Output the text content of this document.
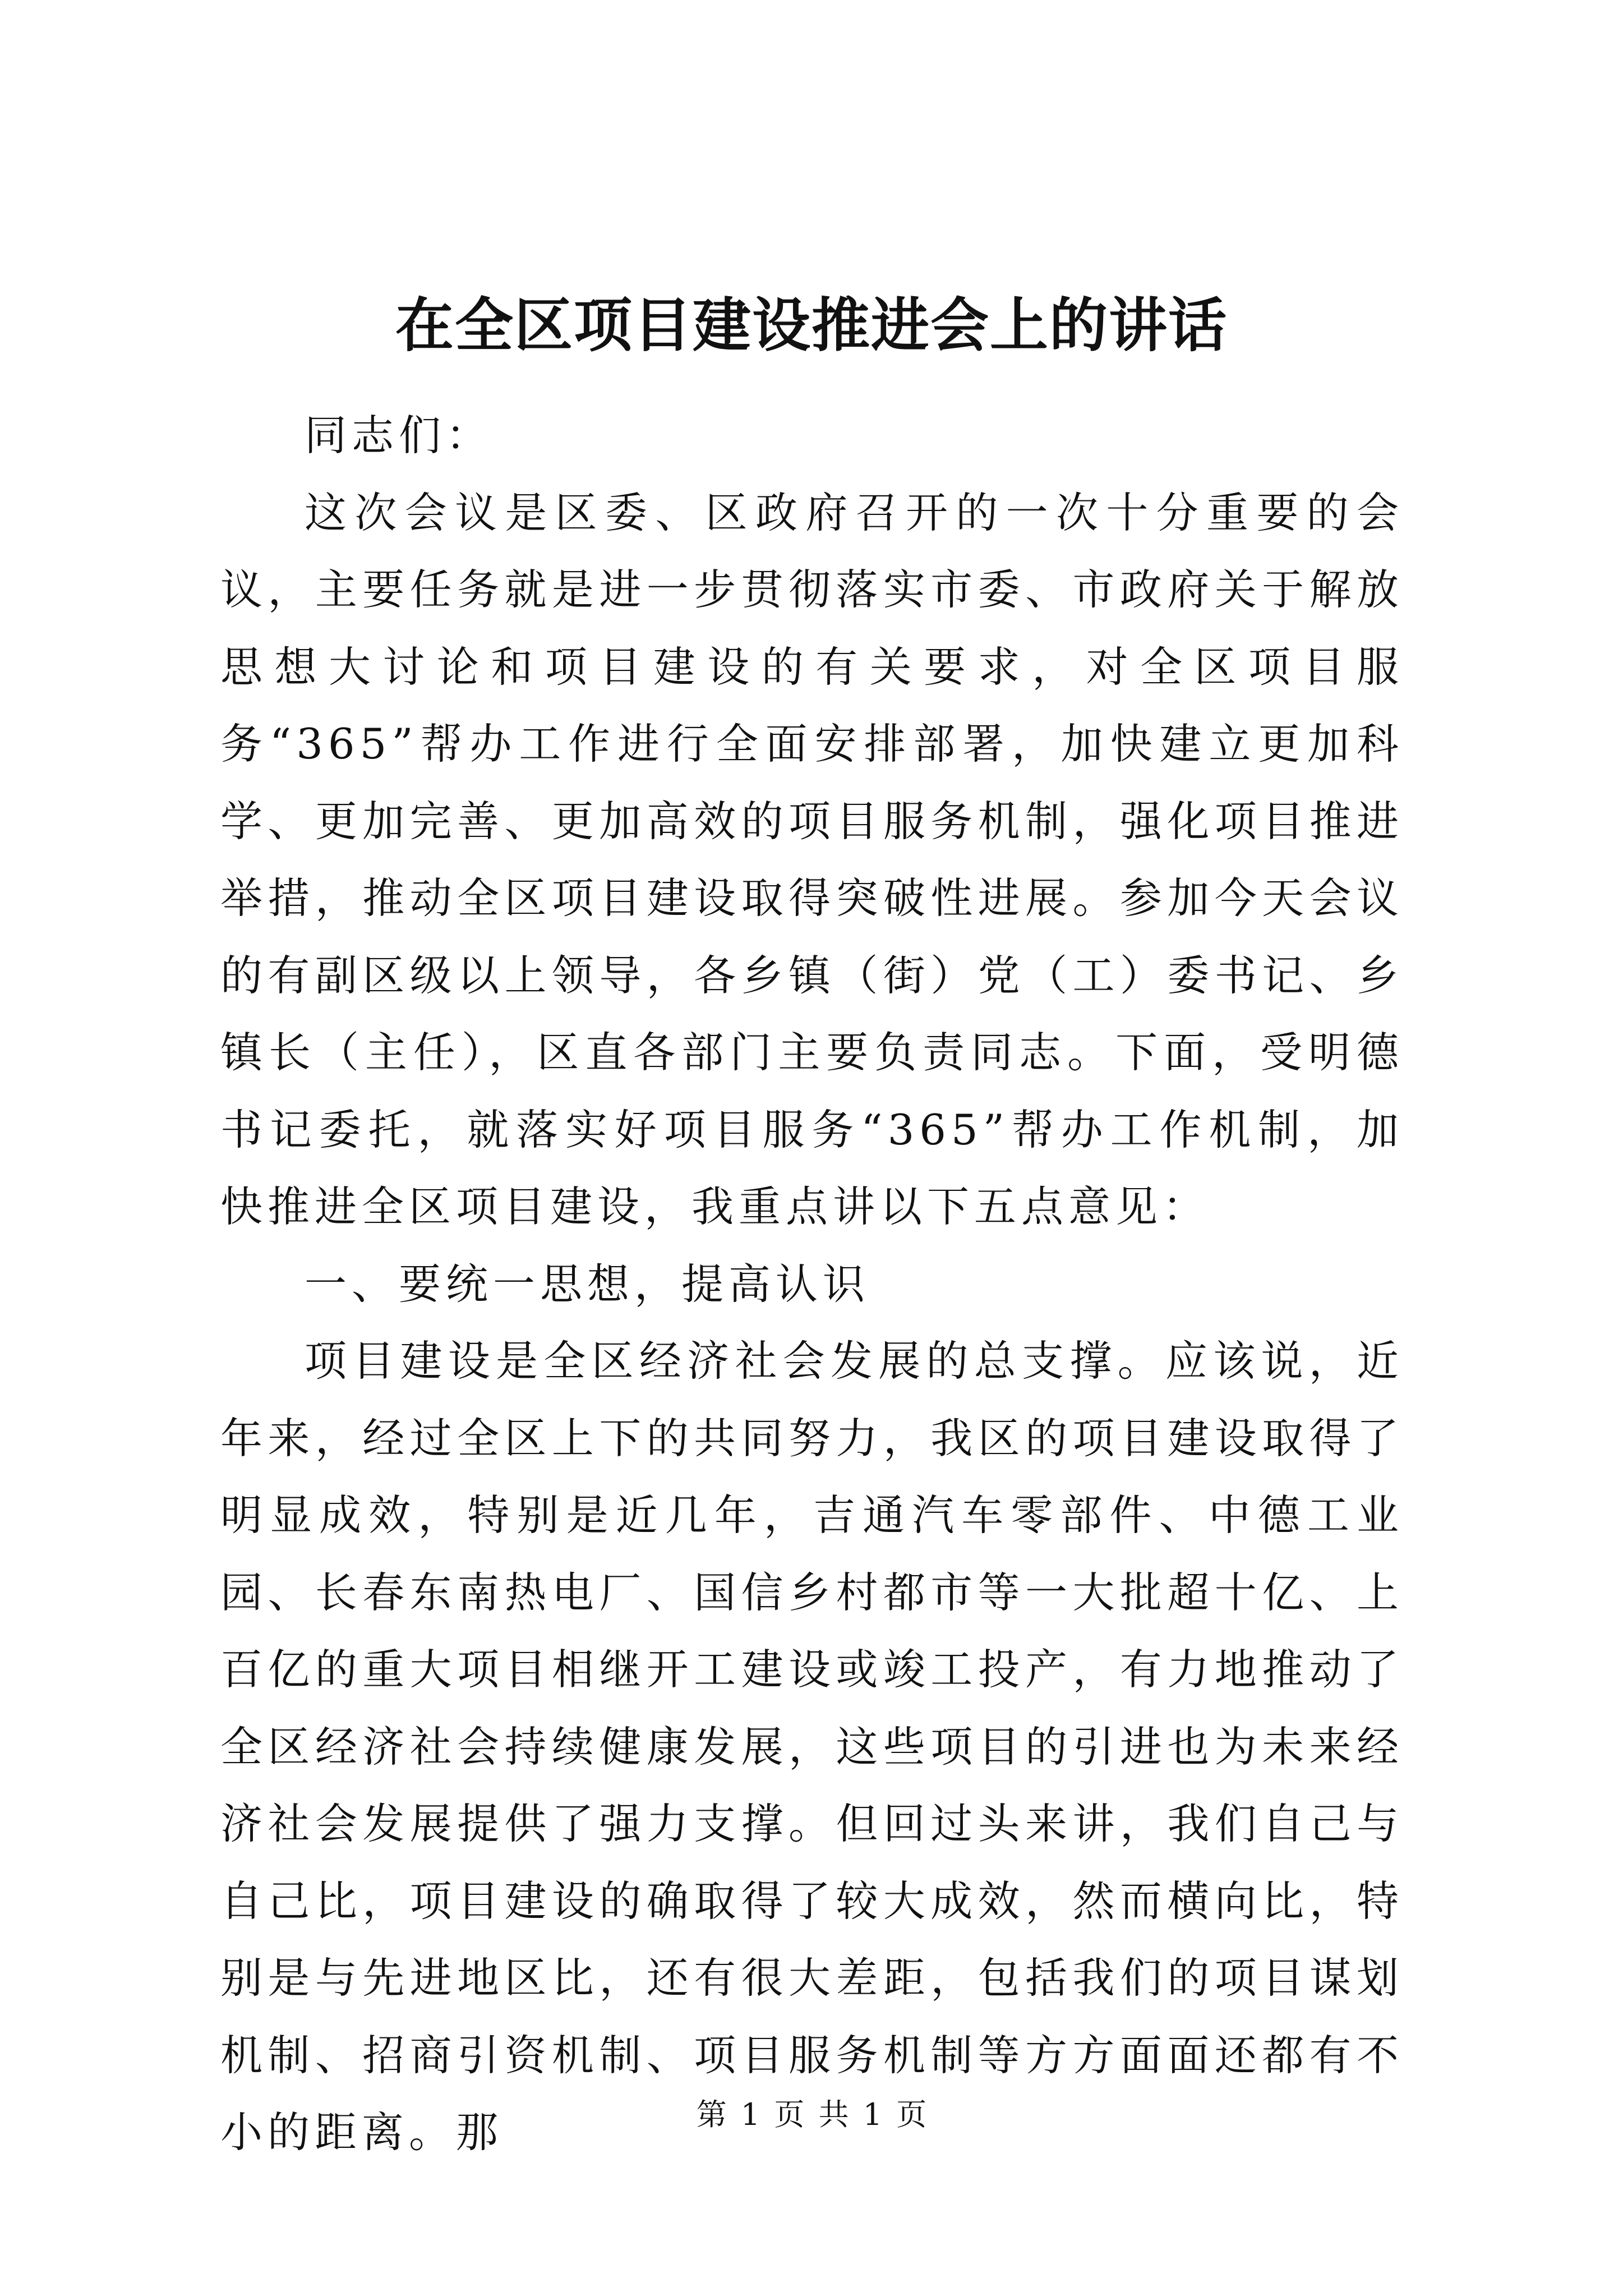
在全区项目建设推进会上的讲话

同志们：

这次会议是区委、区政府召开的一次十分重要的会议，主要任务就是进一步贯彻落实市委、市政府关于解放思想大讨论和项目建设的有关要求，对全区项目服务“365”帮办工作进行全面安排部署，加快建立更加科学、更加完善、更加高效的项目服务机制，强化项目推进举措，推动全区项目建设取得突破性进展。参加今天会议的有副区级以上领导，各乡镇（街）党（工）委书记、乡镇长（主任），区直各部门主要负责同志。下面，受明德书记委托，就落实好项目服务“365”帮办工作机制，加快推进全区项目建设，我重点讲以下五点意见：

一、要统一思想，提高认识

项目建设是全区经济社会发展的总支撑。应该说，近年来，经过全区上下的共同努力，我区的项目建设取得了明显成效，特别是近几年，吉通汽车零部件、中德工业园、长春东南热电厂、国信乡村都市等一大批超十亿、上百亿的重大项目相继开工建设或竣工投产，有力地推动了全区经济社会持续健康发展，这些项目的引进也为未来经济社会发展提供了强力支撑。但回过头来讲，我们自己与自己比，项目建设的确取得了较大成效，然而横向比，特别是与先进地区比，还有很大差距，包括我们的项目谋划机制、招商引资机制、项目服务机制等方方面面还都有不小的距离。那	第 1 页 共 1 页
